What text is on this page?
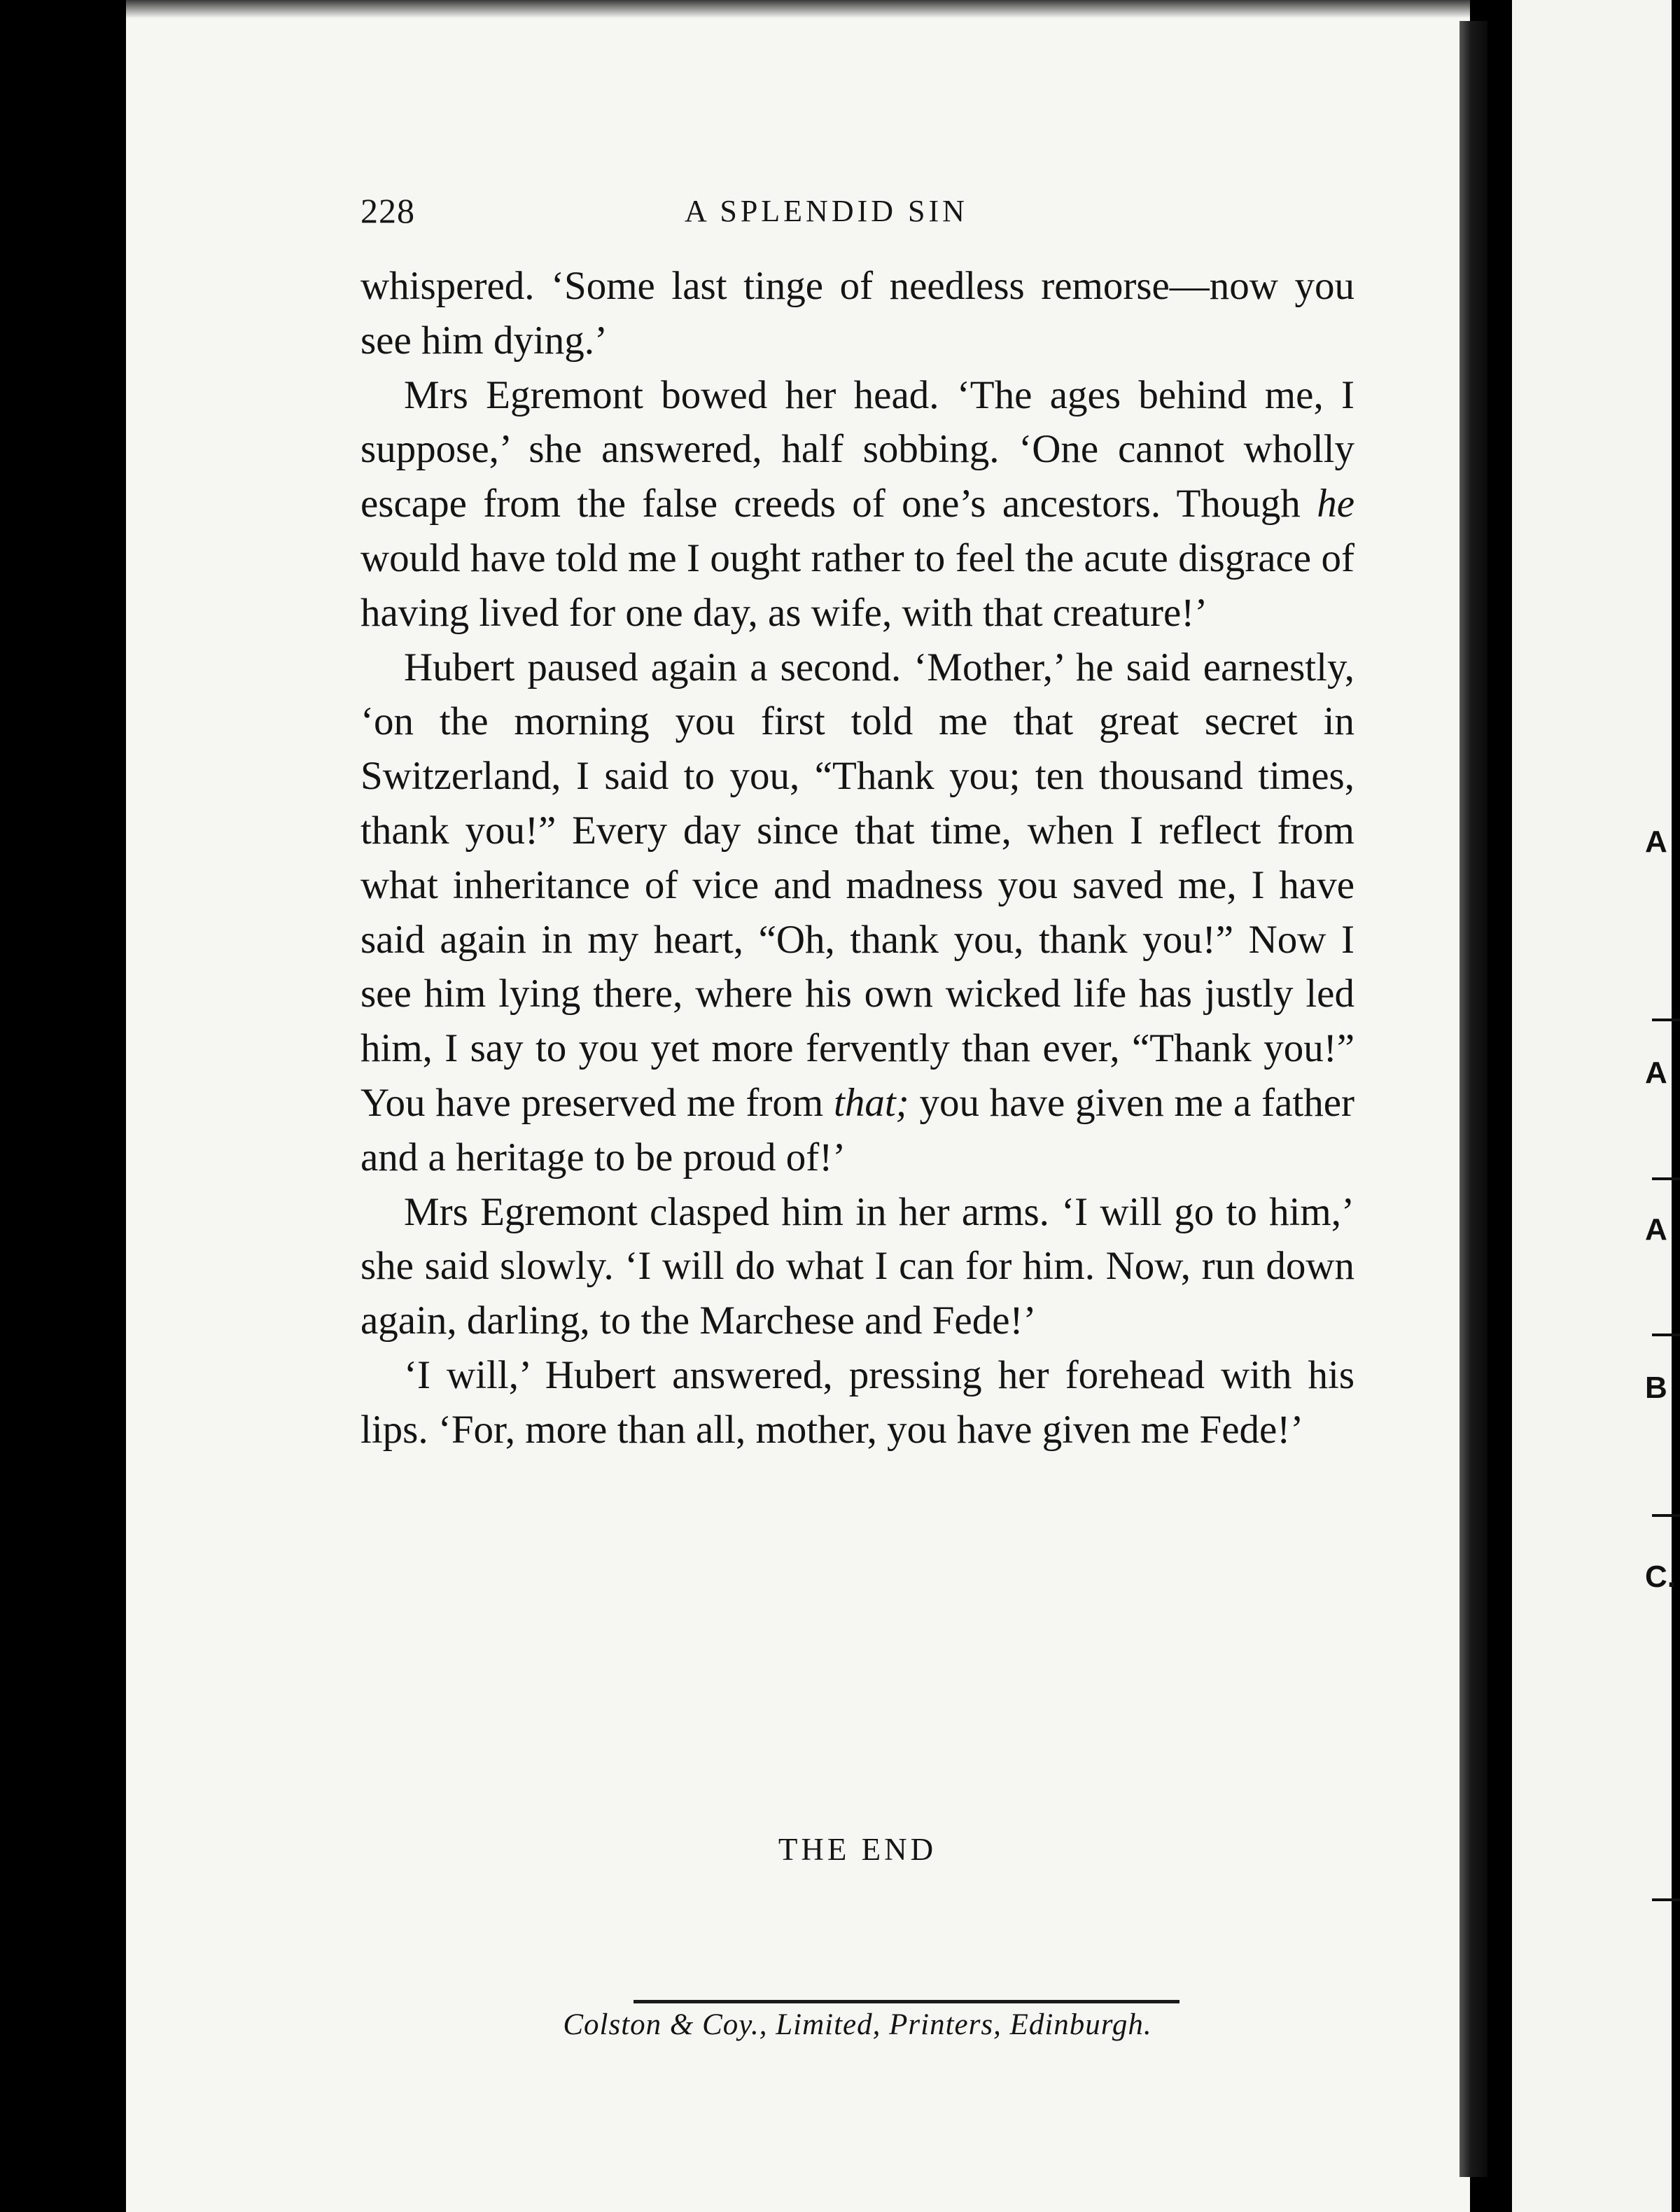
A
A
A
B
C.
228	A SPLENDID SIN

whispered. ‘Some last tinge of needless remorse—now you see him dying.’

Mrs Egremont bowed her head. ‘The ages behind me, I suppose,’ she answered, half sobbing. ‘One cannot wholly escape from the false creeds of one’s ancestors. Though he would have told me I ought rather to feel the acute disgrace of having lived for one day, as wife, with that creature!’

Hubert paused again a second. ‘Mother,’ he said earnestly, ‘on the morning you first told me that great secret in Switzerland, I said to you, “Thank you; ten thousand times, thank you!” Every day since that time, when I reflect from what inheritance of vice and madness you saved me, I have said again in my heart, “Oh, thank you, thank you!” Now I see him lying there, where his own wicked life has justly led him, I say to you yet more fervently than ever, “Thank you!” You have preserved me from that; you have given me a father and a heritage to be proud of!’

Mrs Egremont clasped him in her arms. ‘I will go to him,’ she said slowly. ‘I will do what I can for him. Now, run down again, darling, to the Marchese and Fede!’

‘I will,’ Hubert answered, pressing her forehead with his lips. ‘For, more than all, mother, you have given me Fede!’

THE END
Colston & Coy., Limited, Printers, Edinburgh.
